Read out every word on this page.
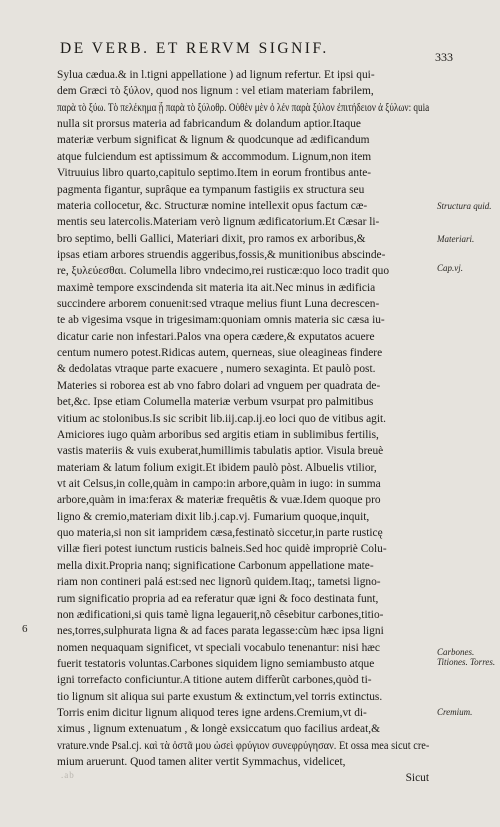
DE VERB. ET RERVM SIGNIF.	333
Sylua cædua.& in l.tigni appellatione ) ad lignum refertur. Et ipsi qui-
dem Græci τὸ ξύλον, quod nos lignum : vel etiam materiam fabrilem,
παρὰ τὸ ξύω. Τὸ πελέκημα ᾗ παρὰ τὸ ξύλοθρ. Οὐθὲν μὲν ὁ λέν παρὰ ξύλον ἐπιτήδειον ἀ ξύλων: quia
nulla sit prorsus materia ad fabricandum & dolandum aptior.Itaque
materiæ verbum significat & lignum & quodcunque ad ædificandum
atque fulciendum est aptissimum & accommodum. Lignum,non item
Vitruuius libro quarto,capitulo septimo.Item in eorum frontibus ante-
pagmenta figantur, suprâque ea tympanum fastigiis ex structura seu
materia collocetur, &c. Structuræ nomine intellexit opus factum cæ-
mentis seu latercolis.Materiam verò lignum ædificatorium.Et Cæsar li-
bro septimo, belli Gallici, Materiari dixit, pro ramos ex arboribus,&
ipsas etiam arbores struendis aggeribus,fossis,& munitionibus abscinde-
re, ξυλεύεσθαι. Columella libro vndecimo,rei rusticæ:quo loco tradit quo
maximè tempore exscindenda sit materia ita ait.Nec minus in ædificia
succindere arborem conuenit:sed vtraque melius fiunt Luna decrescen-
te ab vigesima vsque in trigesimam:quoniam omnis materia sic cæsa iu-
dicatur carie non infestari.Palos vna opera cædere,& exputatos acuere
centum numero potest.Ridicas autem, querneas, siue oleagineas findere
& dedolatas vtraque parte exacuere , numero sexaginta. Et paulò post.
Materies si roborea est ab vno fabro dolari ad vnguem per quadrata de-
bet,&c. Ipse etiam Columella materiæ verbum vsurpat pro palmitibus
vitium ac stolonibus.Is sic scribit lib.iij.cap.ij.eo loci quo de vitibus agit.
Amiciores iugo quàm arboribus sed argitis etiam in sublimibus fertilis,
vastis materiis & vuis exuberat,humillimis tabulatis aptior. Visula breuè
materiam & latum folium exigit.Et ibidem paulò pòst. Albuelis vtilior,
vt ait Celsus,in colle,quàm in campo:in arbore,quàm in iugo: in summa
arbore,quàm in ima:ferax & materiæ frequêtis & vuæ.Idem quoque pro
ligno & cremio,materiam dixit lib.j.cap.vj. Fumarium quoque,inquit,
quo materia,si non sit iampridem cæsa,festinatò siccetur,in parte rusticę
villæ fieri potest iunctum rusticis balneis.Sed hoc quidè impropriè Colu-
mella dixit.Propria nanq; significatione Carbonum appellatione mate-
riam non contineri palá est:sed nec lignorũ quidem.Itaq;, tametsi ligno-
rum significatio propria ad ea referatur quæ igni & foco destinata funt,
non ædificationi,si quis tamè ligna legaueriț,nõ cêsebitur carbones,titio-
nes,torres,sulphurata ligna & ad faces parata legasse:cùm hæc ipsa ligni
nomen nequaquam significet, vt speciali vocabulo tenenantur: nisi hæc
fuerit testatoris voluntas.Carbones siquidem ligno semiambusto atque
igni torrefacto conficiuntur.A titione autem differũt carbones,quòd ti-
tio lignum sit aliqua sui parte exustum & extinctum,vel torris extinctus.
Torris enim dicitur lignum aliquod teres igne ardens.Cremium,vt di-
ximus , lignum extenuatum , & longè exsiccatum quo facilius ardeat,&
vrature.vnde Psal.cj. καὶ τὰ ὀστᾶ μου ὡσεὶ φρύγιον συνεφρύγησαν. Et ossa mea sicut cre-
mium aruerunt. Quod tamen aliter vertit Symmachus, videlicet,
Sicut
Structura quid.
Materiari.
Cap.vj.
Carbones. Titiones. Torres.
Cremium.
6
.ab
